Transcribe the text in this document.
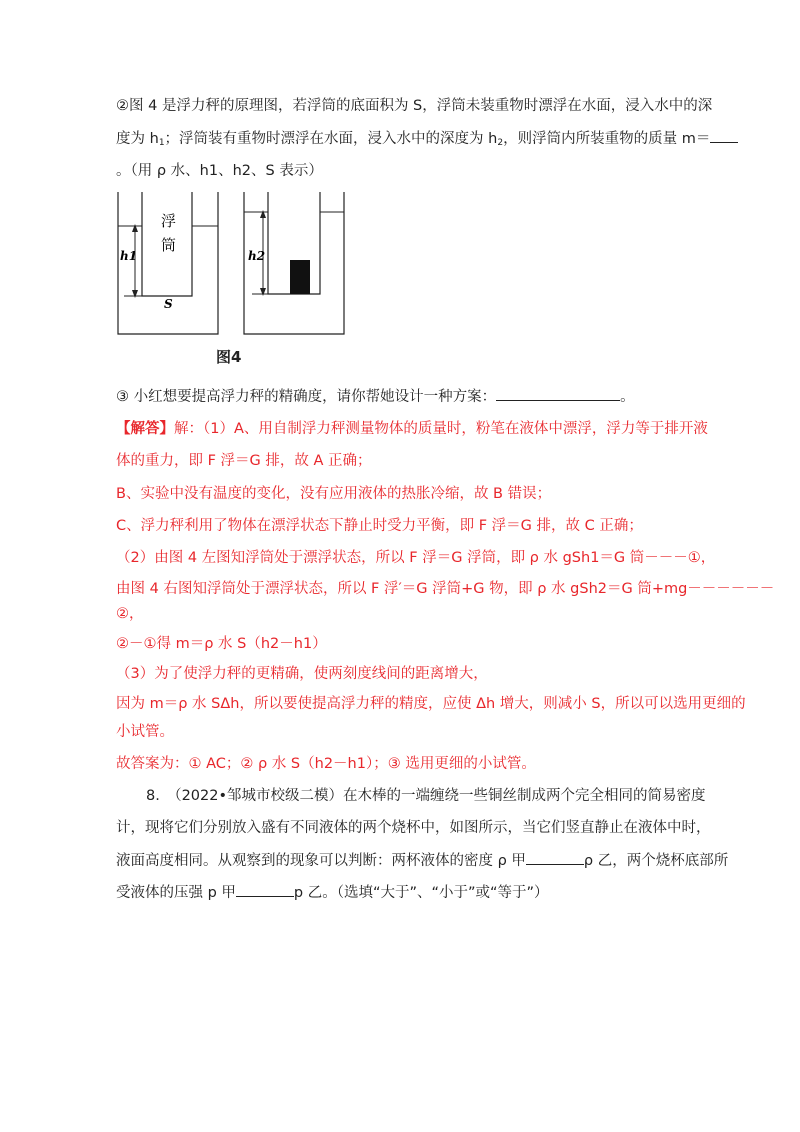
②图 4 是浮力秤的原理图，若浮筒的底面积为 S，浮筒未装重物时漂浮在水面，浸入水中的深
度为 $h_1$；浮筒装有重物时漂浮在水面，浸入水中的深度为 $h_2$，则浮筒内所装重物的质量 m＝
。（用 ρ 水、h1、h2、S 表示）
浮
筒
h1
S
h2
图4
③ 小红想要提高浮力秤的精确度，请你帮她设计一种方案：	。
【解答】解：（1）A、用自制浮力秤测量物体的质量时，粉笔在液体中漂浮，浮力等于排开液
体的重力，即 F 浮＝G 排，故 A 正确；
B、实验中没有温度的变化，没有应用液体的热胀冷缩，故 B 错误；
C、浮力秤利用了物体在漂浮状态下静止时受力平衡，即 F 浮＝G 排，故 C 正确；
（2）由图 4 左图知浮筒处于漂浮状态，所以 F 浮＝G 浮筒，即 ρ 水 gSh1＝G 筒－－－①，
由图 4 右图知浮筒处于漂浮状态，所以 F 浮′＝G 浮筒+G 物，即 ρ 水 gSh2＝G 筒+mg－－－－－－
②，
②－①得 m＝ρ 水 S（h2－h1）
（3）为了使浮力秤的更精确，使两刻度线间的距离增大，
因为 m＝ρ 水 SΔh，所以要使提高浮力秤的精度，应使 Δh 增大，则减小 S，所以可以选用更细的
小试管。
故答案为：① AC；② ρ 水 S（h2－h1）；③ 选用更细的小试管。
8.　（2022•邹城市校级二模）在木棒的一端缠绕一些铜丝制成两个完全相同的简易密度
计，现将它们分别放入盛有不同液体的两个烧杯中，如图所示，当它们竖直静止在液体中时，
液面高度相同。从观察到的现象可以判断：两杯液体的密度 ρ 甲	ρ 乙，两个烧杯底部所
受液体的压强 p 甲	p 乙。（选填“大于”、“小于”或“等于”）
